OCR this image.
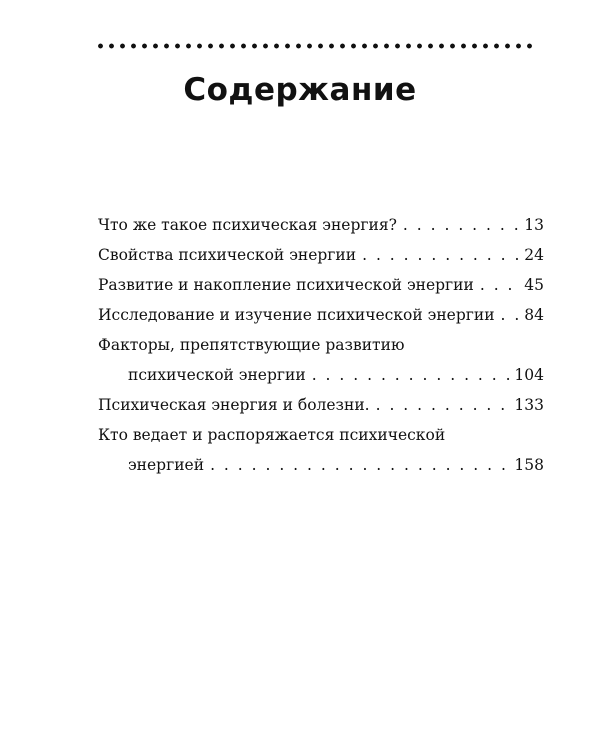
Содержание
Что же такое психическая энергия? . . .	13
Свойства психической энергии . . .	24
Развитие и накопление психической энергии . . .	45
Исследование и изучение психической энергии . . . 84
Факторы, препятствующие развитию
психической энергии . . .	104
Психическая энергия и болезни. . . .	133
Кто ведает и распоряжается психической
энергией . . .	158
